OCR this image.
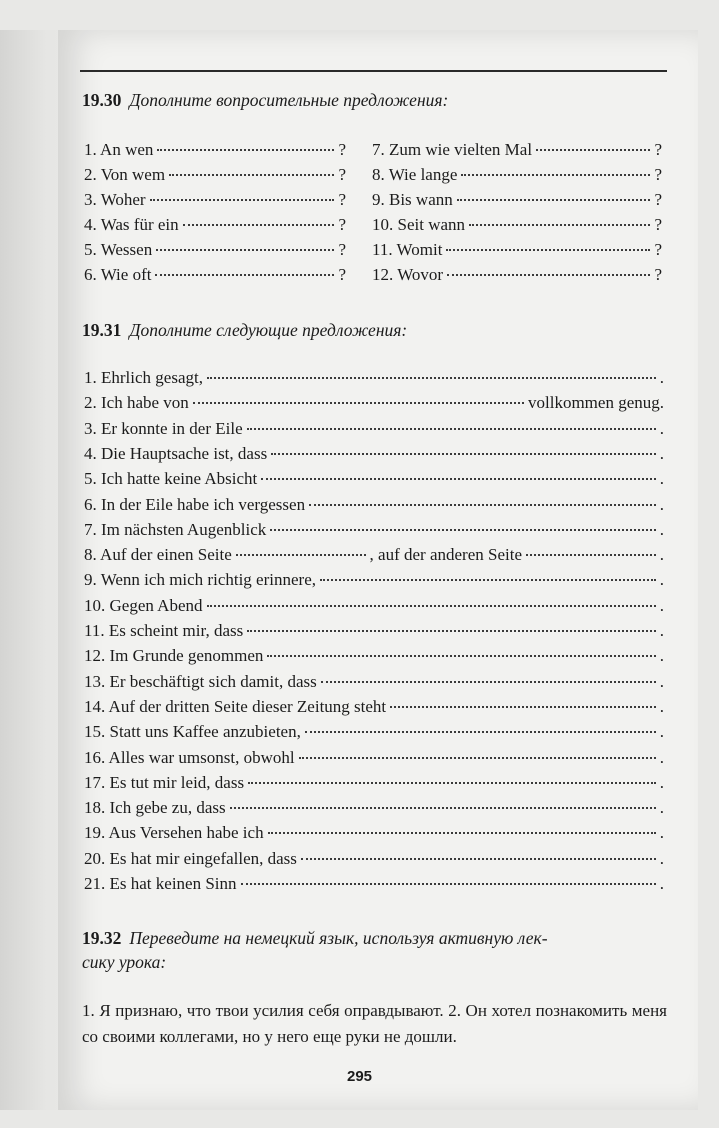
19.30 Дополните вопросительные предложения:
1. An wen	?
2. Von wem	?
3. Woher	?
4. Was für ein	?
5. Wessen	?
6. Wie oft	?
7. Zum wie vielten Mal	?
8. Wie lange	?
9. Bis wann	?
10. Seit wann	?
11. Womit	?
12. Wovor	?
19.31 Дополните следующие предложения:
1. Ehrlich gesagt,	.
2. Ich habe von	vollkommen genug.
3. Er konnte in der Eile	.
4. Die Hauptsache ist, dass	.
5. Ich hatte keine Absicht	.
6. In der Eile habe ich vergessen	.
7. Im nächsten Augenblick	.
8. Auf der einen Seite	, auf der anderen Seite	.
9. Wenn ich mich richtig erinnere,	.
10. Gegen Abend	.
11. Es scheint mir, dass	.
12. Im Grunde genommen	.
13. Er beschäftigt sich damit, dass	.
14. Auf der dritten Seite dieser Zeitung steht	.
15. Statt uns Kaffee anzubieten,	.
16. Alles war umsonst, obwohl	.
17. Es tut mir leid, dass	.
18. Ich gebe zu, dass	.
19. Aus Versehen habe ich	.
20. Es hat mir eingefallen, dass	.
21. Es hat keinen Sinn	.
19.32 Переведите на немецкий язык, используя активную лек-
сику урока:
1. Я признаю, что твои усилия себя оправдывают. 2. Он хотел познакомить меня со своими коллегами, но у него еще руки не дошли.
295
